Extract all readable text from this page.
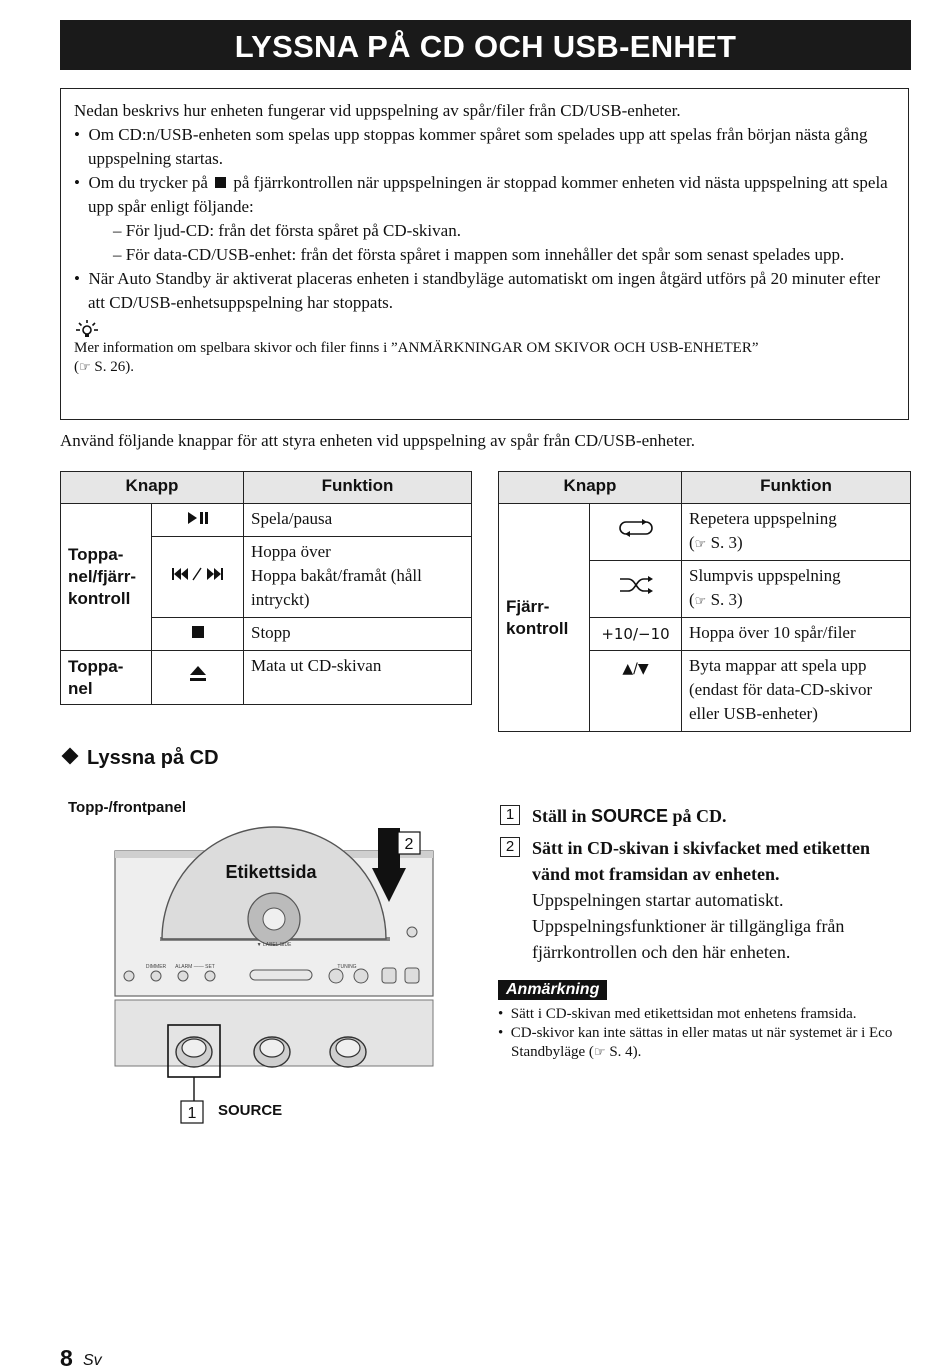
LYSSNA PÅ CD OCH USB-ENHET

Nedan beskrivs hur enheten fungerar vid uppspelning av spår/filer från CD/USB-enheter.

•  Om CD:n/USB-enheten som spelas upp stoppas kommer spåret som spelades upp att spelas från början nästa gång uppspelning startas.

•  Om du trycker på på fjärrkontrollen när uppspelningen är stoppad kommer enheten vid nästa uppspelning att spela upp spår enligt följande:

– För ljud-CD: från det första spåret på CD-skivan.

– För data-CD/USB-enhet: från det första spåret i mappen som innehåller det spår som senast spelades upp.

•  När Auto Standby är aktiverat placeras enheten i standbyläge automatiskt om ingen åtgärd utförs på 20 minuter efter att CD/USB-enhetsuppspelning har stoppats.

Mer information om spelbara skivor och filer finns i ”ANMÄRKNINGAR OM SKIVOR OCH USB-ENHETER”

(☞ S. 26).

Använd följande knappar för att styra enheten vid uppspelning av spår från CD/USB-enheter.
Knapp		Funktion
Toppa-
nel/fjärr-
kontroll		Spela/pausa
	Hoppa över
Hoppa bakåt/framåt (håll intryckt)
	Stopp
Toppa-
nel		Mata ut CD-skivan
Knapp		Funktion
Fjärr-
kontroll		Repetera uppspelning
(☞ S. 3)
	Slumpvis uppspelning
(☞ S. 3)
	+10/−10	Hoppa över 10 spår/filer
	▲/▼	Byta mappar att spela upp (endast för data-CD-skivor eller USB-enheter)
Lyssna på CD
Topp-/frontpanel
Etikettsida
▼ LABEL SIDE
2
DIMMER ALARM —— SET	TUNING
1 SOURCE
1 Ställ in SOURCE på CD.
2 Sätt in CD-skivan i skivfacket med etiketten vänd mot framsidan av enheten.
Uppspelningen startar automatiskt. Uppspelningsfunktioner är tillgängliga från fjärrkontrollen och den här enheten.
Anmärkning
•  Sätt i CD-skivan med etikettsidan mot enhetens framsida.
•  CD-skivor kan inte sättas in eller matas ut när systemet är i Eco Standbyläge (☞ S. 4).
8 Sv
